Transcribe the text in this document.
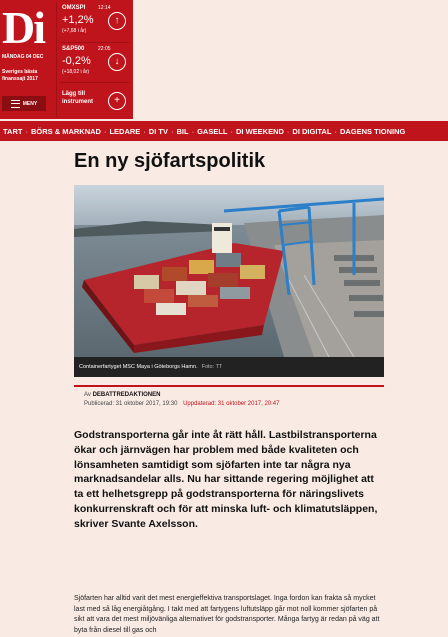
Di
MÅNDAG 04 DEC
Sveriges bästa finanssajt 2017
MENY
OMXSPI	12:14
+1,2%
(+7,68 i år)
↑
S&P500	22:05
-0,2%
(+18,02 i år)
↓
Lägg till instrument	+
TART · BÖRS & MARKNAD · LEDARE · DI TV · BIL · GASELL · DI WEEKEND · DI DIGITAL · DAGENS TIONING
En ny sjöfartspolitik
Containerfartyget MSC Maya i Göteborgs Hamn. Foto: TT
Av DEBATTREDAKTIONEN
Publicerad: 31 oktober 2017, 19:30 Uppdaterad: 31 oktober 2017, 20:47

Godstransporterna går inte åt rätt håll. Lastbilstransporterna ökar och järnvägen har problem med både kvaliteten och lönsamheten samtidigt som sjöfarten inte tar några nya marknadsandelar alls. Nu har sittande regering möjlighet att ta ett helhetsgrepp på godstransporterna för näringslivets konkurrenskraft och för att minska luft- och klimatutsläppen, skriver Svante Axelsson.

Sjöfarten har alltid varit det mest energieffektiva transportslaget. Inga fordon kan frakta så mycket last med så låg energiåtgång. I takt med att fartygens luftutsläpp går mot noll kommer sjöfarten på sikt att vara det mest miljövänliga alternativet för godstransporter. Många fartyg är redan på väg att byta från diesel till gas och
